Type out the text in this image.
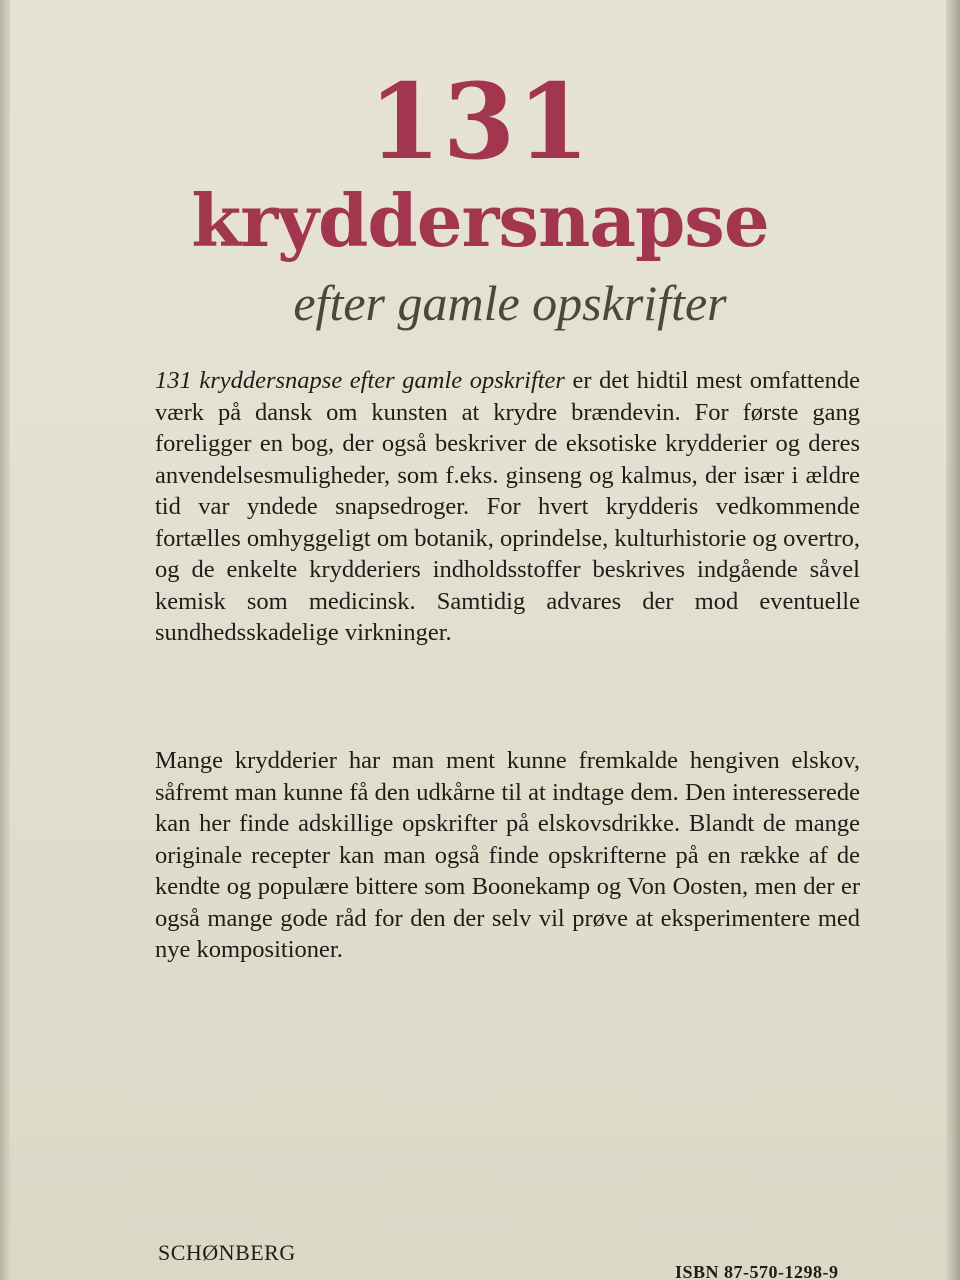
131
kryddersnapse
efter gamle opskrifter

131 kryddersnapse efter gamle opskrifter er det hidtil mest omfattende værk på dansk om kunsten at krydre brændevin. For første gang foreligger en bog, der også beskriver de eksotiske krydderier og deres anvendelsesmuligheder, som f.eks. ginseng og kalmus, der især i ældre tid var yndede snapsedroger. For hvert krydderis vedkommende fortælles omhyggeligt om botanik, oprindelse, kulturhistorie og overtro, og de enkelte krydderiers indholdsstoffer beskrives indgående såvel kemisk som medicinsk. Samtidig advares der mod eventuelle sundhedsskadelige virkninger.

Mange krydderier har man ment kunne fremkalde hengiven elskov, såfremt man kunne få den udkårne til at indtage dem. Den interesserede kan her finde adskillige opskrifter på elskovsdrikke. Blandt de mange originale recepter kan man også finde opskrifterne på en række af de kendte og populære bittere som Boonekamp og Von Oosten, men der er også mange gode råd for den der selv vil prøve at eksperimentere med nye kompositioner.

SCHØNBERG
ISBN 87-570-1298-9
